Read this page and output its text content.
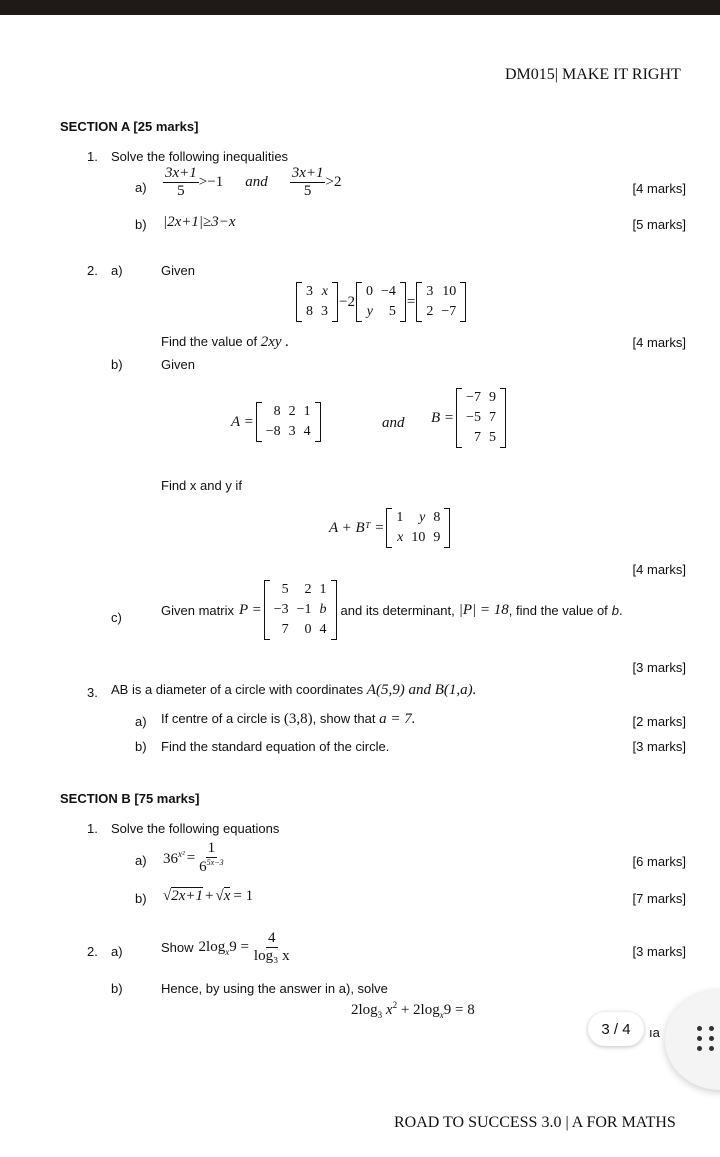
DM015| MAKE IT RIGHT
SECTION A [25 marks]
1. Solve the following inequalities
$a) \frac{3x+1}{5} >-1$ and $\frac{3x+1}{5} >2$	[4 marks]
b) |2x+1|≥3−x	[5 marks]
2. a)	Given
3	x
8	3
−2
0	−4
y	5
=
3	10
2	−7
Find the value of 2xy .	[4 marks]
b)	Given
A =
8	2	1
−8	3	4
and B =
−7	9
−5	7
7	5
Find x and y if
A + Bᵀ =
1	y	8
x	10	9
[4 marks]
c)	Given matrix P =
5	2	1
−3	−1	b
7	0	4
and its determinant, |P| = 18 , find the value of b .
[3 marks]
3. AB is a diameter of a circle with coordinates A(5,9) and B(1,a).
a) If centre of a circle is (3,8), show that a = 7.	[2 marks]
b) Find the standard equation of the circle.	[3 marks]
SECTION B [75 marks]
1. Solve the following equations
a) $36^{x^2} = \frac{1}{6^{5x-3}}$	[6 marks]
b) √ 2x+1 + √ x = 1	[7 marks]
2. a)	Show $2\log_x9 = \frac{4}{\text{log₃ x}}$	[3 marks]
b)	Hence, by using the answer in a), solve
$2\log_3$ $x^2 + 2\log_x9 = 8$
3 / 4	ıa
ROAD TO SUCCESS 3.0 | A FOR MATHS
